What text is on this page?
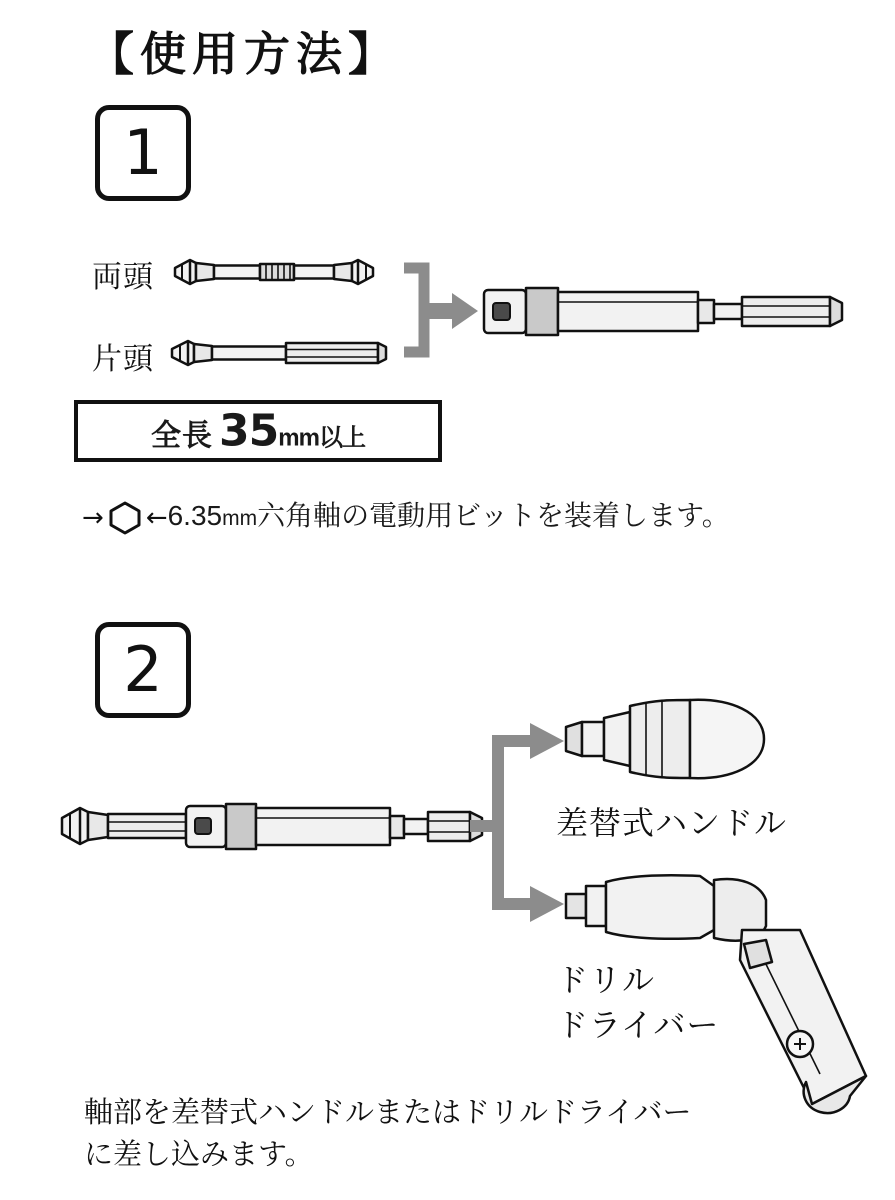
【使用方法】
1
両頭
片頭
全長 35mm以上
→ ←6.35mm六角軸の電動用ビットを装着します。
2
差替式ハンドル
ドリル
ドライバー
軸部を差替式ハンドルまたはドリルドライバー
に差し込みます。
